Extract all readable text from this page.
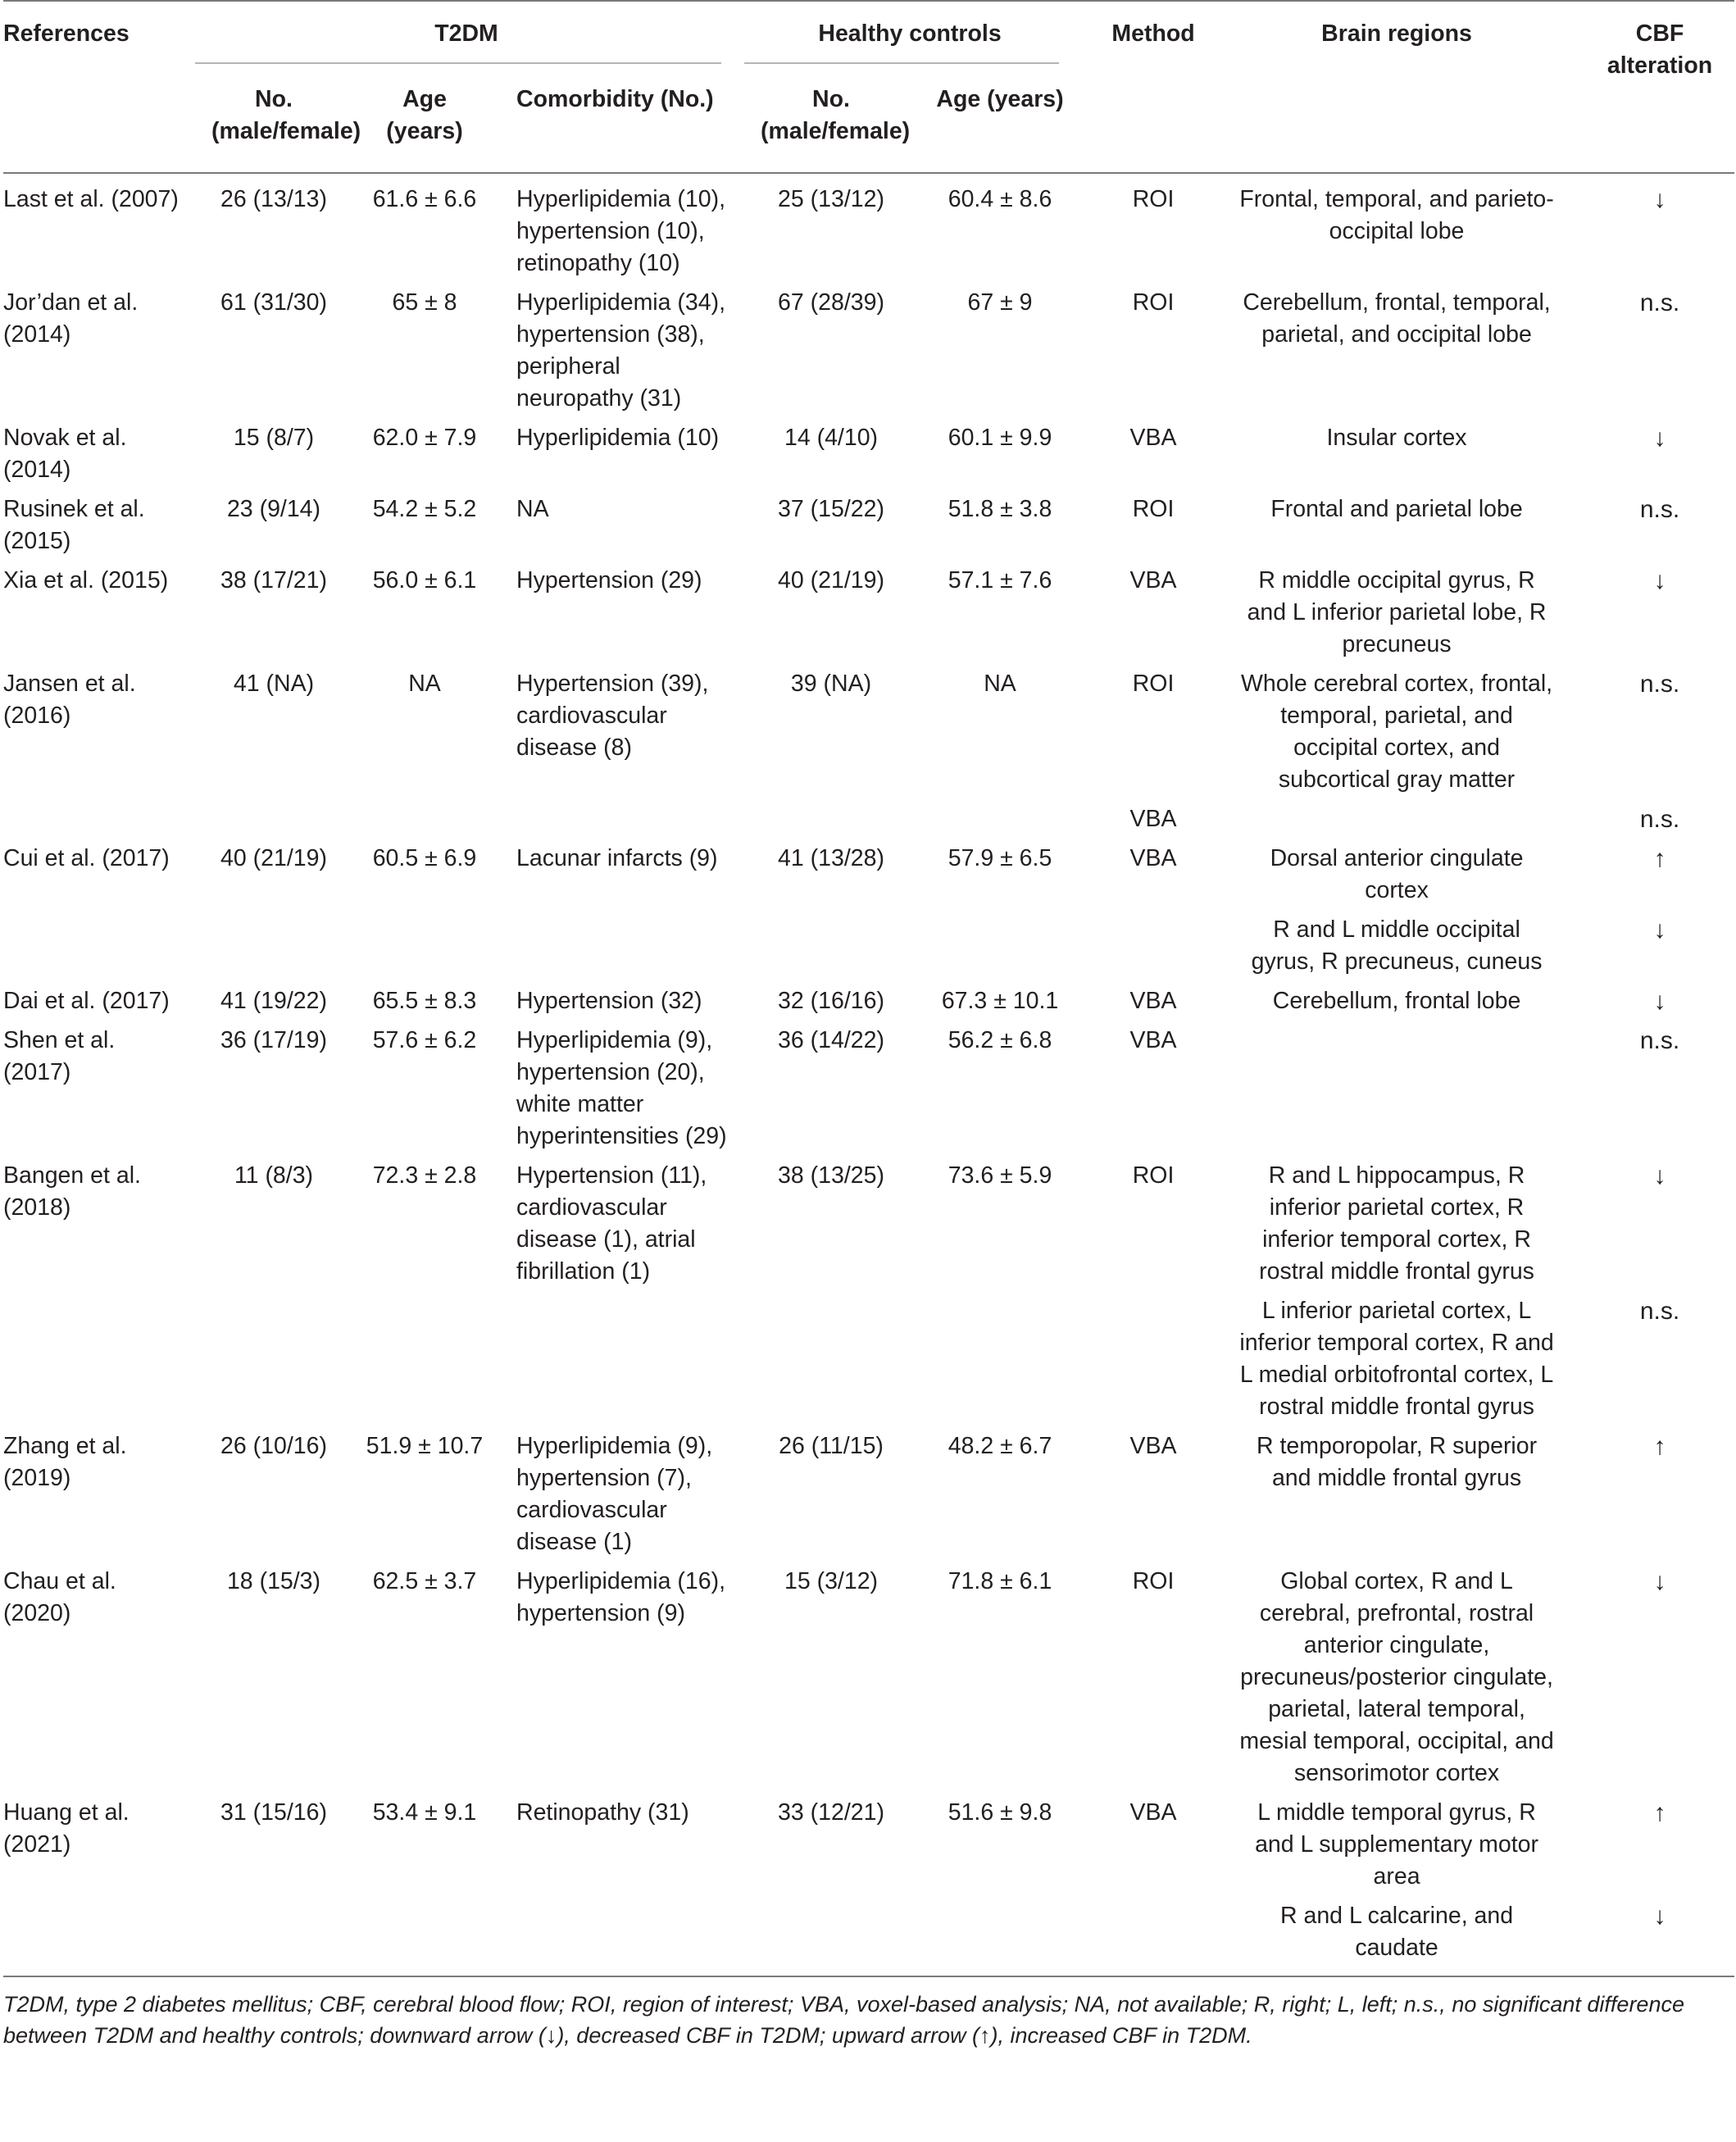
References	T2DM			Healthy controls		Method	Brain regions	CBF alteration
	No. (male/female)	Age (years)	Comorbidity (No.)	No. (male/female)	Age (years)			
Last et al. (2007)	26 (13/13)	61.6 ± 6.6	Hyperlipidemia (10), hypertension (10), retinopathy (10)	25 (13/12)	60.4 ± 8.6	ROI	Frontal, temporal, and parieto-occipital lobe	↓
Jor’dan et al. (2014)	61 (31/30)	65 ± 8	Hyperlipidemia (34), hypertension (38), peripheral neuropathy (31)	67 (28/39)	67 ± 9	ROI	Cerebellum, frontal, temporal, parietal, and occipital lobe	n.s.
Novak et al. (2014)	15 (8/7)	62.0 ± 7.9	Hyperlipidemia (10)	14 (4/10)	60.1 ± 9.9	VBA	Insular cortex	↓
Rusinek et al. (2015)	23 (9/14)	54.2 ± 5.2	NA	37 (15/22)	51.8 ± 3.8	ROI	Frontal and parietal lobe	n.s.
Xia et al. (2015)	38 (17/21)	56.0 ± 6.1	Hypertension (29)	40 (21/19)	57.1 ± 7.6	VBA	R middle occipital gyrus, R and L inferior parietal lobe, R precuneus	↓
Jansen et al. (2016)	41 (NA)	NA	Hypertension (39), cardiovascular disease (8)	39 (NA)	NA	ROI	Whole cerebral cortex, frontal, temporal, parietal, and occipital cortex, and subcortical gray matter	n.s.
						VBA		n.s.
Cui et al. (2017)	40 (21/19)	60.5 ± 6.9	Lacunar infarcts (9)	41 (13/28)	57.9 ± 6.5	VBA	Dorsal anterior cingulate cortex	↑
							R and L middle occipital gyrus, R precuneus, cuneus	↓
Dai et al. (2017)	41 (19/22)	65.5 ± 8.3	Hypertension (32)	32 (16/16)	67.3 ± 10.1	VBA	Cerebellum, frontal lobe	↓
Shen et al. (2017)	36 (17/19)	57.6 ± 6.2	Hyperlipidemia (9), hypertension (20), white matter hyperintensities (29)	36 (14/22)	56.2 ± 6.8	VBA		n.s.
Bangen et al. (2018)	11 (8/3)	72.3 ± 2.8	Hypertension (11), cardiovascular disease (1), atrial fibrillation (1)	38 (13/25)	73.6 ± 5.9	ROI	R and L hippocampus, R inferior parietal cortex, R inferior temporal cortex, R rostral middle frontal gyrus	↓
							L inferior parietal cortex, L inferior temporal cortex, R and L medial orbitofrontal cortex, L rostral middle frontal gyrus	n.s.
Zhang et al. (2019)	26 (10/16)	51.9 ± 10.7	Hyperlipidemia (9), hypertension (7), cardiovascular disease (1)	26 (11/15)	48.2 ± 6.7	VBA	R temporopolar, R superior and middle frontal gyrus	↑
Chau et al. (2020)	18 (15/3)	62.5 ± 3.7	Hyperlipidemia (16), hypertension (9)	15 (3/12)	71.8 ± 6.1	ROI	Global cortex, R and L cerebral, prefrontal, rostral anterior cingulate, precuneus/posterior cingulate, parietal, lateral temporal, mesial temporal, occipital, and sensorimotor cortex	↓
Huang et al. (2021)	31 (15/16)	53.4 ± 9.1	Retinopathy (31)	33 (12/21)	51.6 ± 9.8	VBA	L middle temporal gyrus, R and L supplementary motor area	↑
							R and L calcarine, and caudate	↓
T2DM, type 2 diabetes mellitus; CBF, cerebral blood flow; ROI, region of interest; VBA, voxel-based analysis; NA, not available; R, right; L, left; n.s., no significant difference between T2DM and healthy controls; downward arrow (↓), decreased CBF in T2DM; upward arrow (↑), increased CBF in T2DM.
